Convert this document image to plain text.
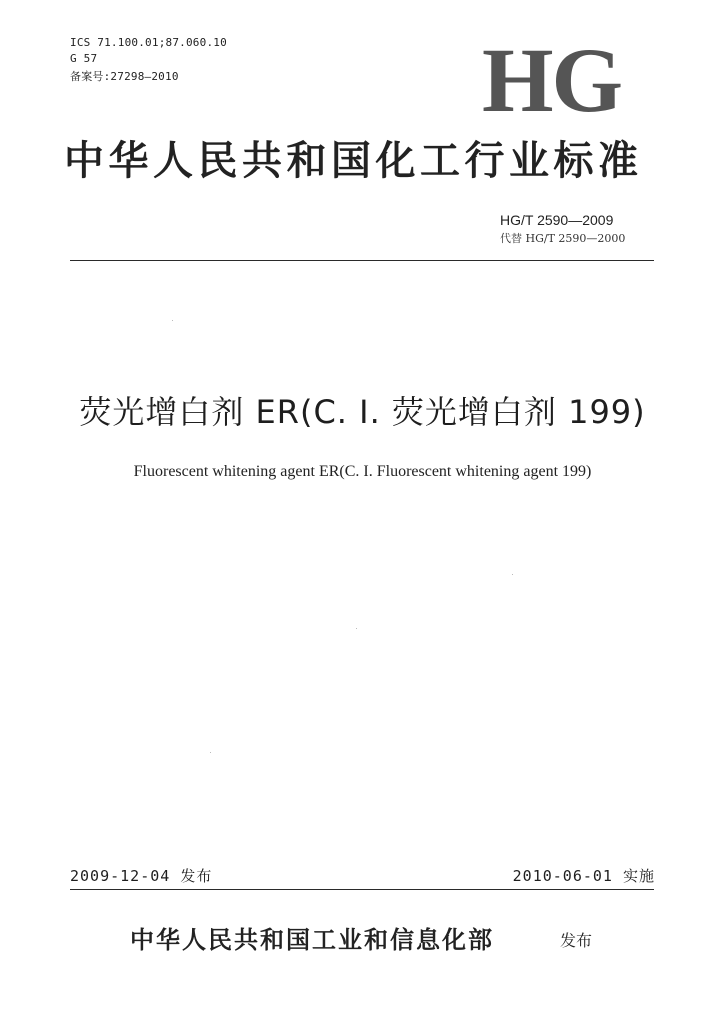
ICS 71.100.01;87.060.10
G 57
备案号:27298—2010	HG
中华人民共和国化工行业标准
HG/T 2590—2009
代替 HG/T 2590—2000
荧光增白剂 ER(C. I. 荧光增白剂 199)
Fluorescent whitening agent ER(C. I. Fluorescent whitening agent 199)
2009-12-04 发布	2010-06-01 实施
中华人民共和国工业和信息化部	发布
